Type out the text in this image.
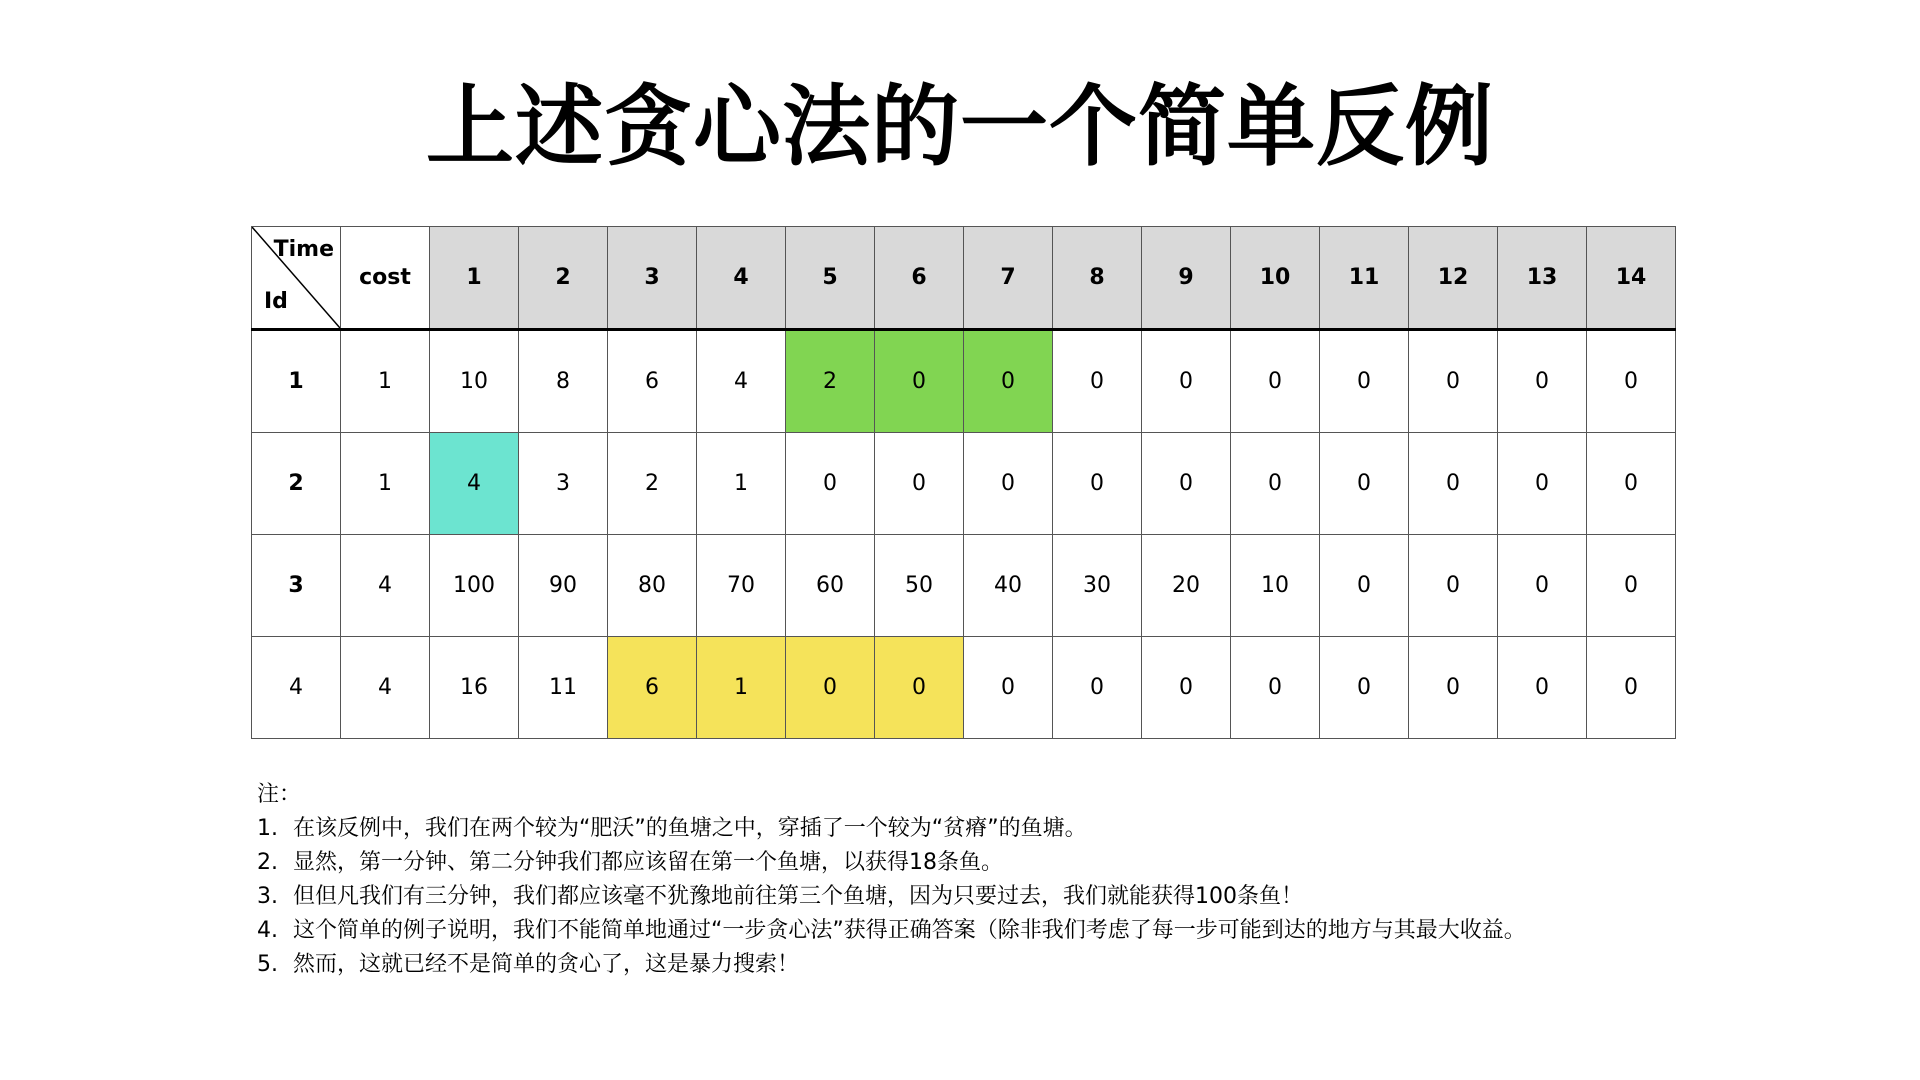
上述贪心法的一个简单反例
Time
Id	cost	1	2	3	4	5	6	7	8	9	10	11	12	13	14
1	1	10	8	6	4	2	0	0	0	0	0	0	0	0	0
2	1	4	3	2	1	0	0	0	0	0	0	0	0	0	0
3	4	100	90	80	70	60	50	40	30	20	10	0	0	0	0
4	4	16	11	6	1	0	0	0	0	0	0	0	0	0	0
注：
1. 在该反例中，我们在两个较为“肥沃”的鱼塘之中，穿插了一个较为“贫瘠”的鱼塘。
2. 显然，第一分钟、第二分钟我们都应该留在第一个鱼塘，以获得18条鱼。
3. 但但凡我们有三分钟，我们都应该毫不犹豫地前往第三个鱼塘，因为只要过去，我们就能获得100条鱼！
4. 这个简单的例子说明，我们不能简单地通过“一步贪心法”获得正确答案（除非我们考虑了每一步可能到达的地方与其最大收益。
5. 然而，这就已经不是简单的贪心了，这是暴力搜索！
